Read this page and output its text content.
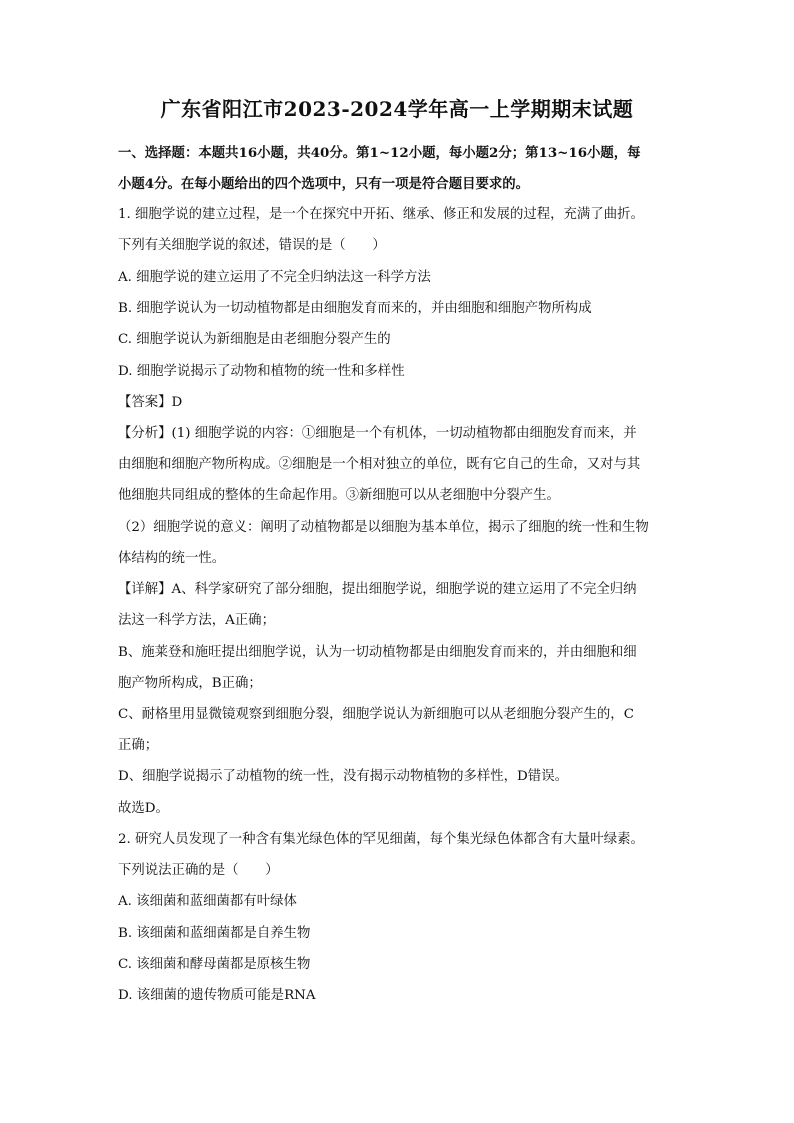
广东省阳江市2023-2024学年高一上学期期末试题
一、选择题：本题共16小题，共40分。第1~12小题，每小题2分；第13~16小题，每
小题4分。在每小题给出的四个选项中，只有一项是符合题目要求的。
1. 细胞学说的建立过程，是一个在探究中开拓、继承、修正和发展的过程，充满了曲折。
下列有关细胞学说的叙述，错误的是（　　）
A. 细胞学说的建立运用了不完全归纳法这一科学方法
B. 细胞学说认为一切动植物都是由细胞发育而来的，并由细胞和细胞产物所构成
C. 细胞学说认为新细胞是由老细胞分裂产生的
D. 细胞学说揭示了动物和植物的统一性和多样性
【答案】D
【分析】(1) 细胞学说的内容：①细胞是一个有机体，一切动植物都由细胞发育而来，并
由细胞和细胞产物所构成。②细胞是一个相对独立的单位，既有它自己的生命，又对与其
他细胞共同组成的整体的生命起作用。③新细胞可以从老细胞中分裂产生。
（2）细胞学说的意义：阐明了动植物都是以细胞为基本单位，揭示了细胞的统一性和生物
体结构的统一性。
【详解】A、科学家研究了部分细胞，提出细胞学说，细胞学说的建立运用了不完全归纳
法这一科学方法，A正确；
B、施莱登和施旺提出细胞学说，认为一切动植物都是由细胞发育而来的，并由细胞和细
胞产物所构成，B正确；
C、耐格里用显微镜观察到细胞分裂，细胞学说认为新细胞可以从老细胞分裂产生的，C
正确；
D、细胞学说揭示了动植物的统一性，没有揭示动物植物的多样性，D错误。
故选D。
2. 研究人员发现了一种含有集光绿色体的罕见细菌，每个集光绿色体都含有大量叶绿素。
下列说法正确的是（　　）
A. 该细菌和蓝细菌都有叶绿体
B. 该细菌和蓝细菌都是自养生物
C. 该细菌和酵母菌都是原核生物
D. 该细菌的遗传物质可能是RNA
